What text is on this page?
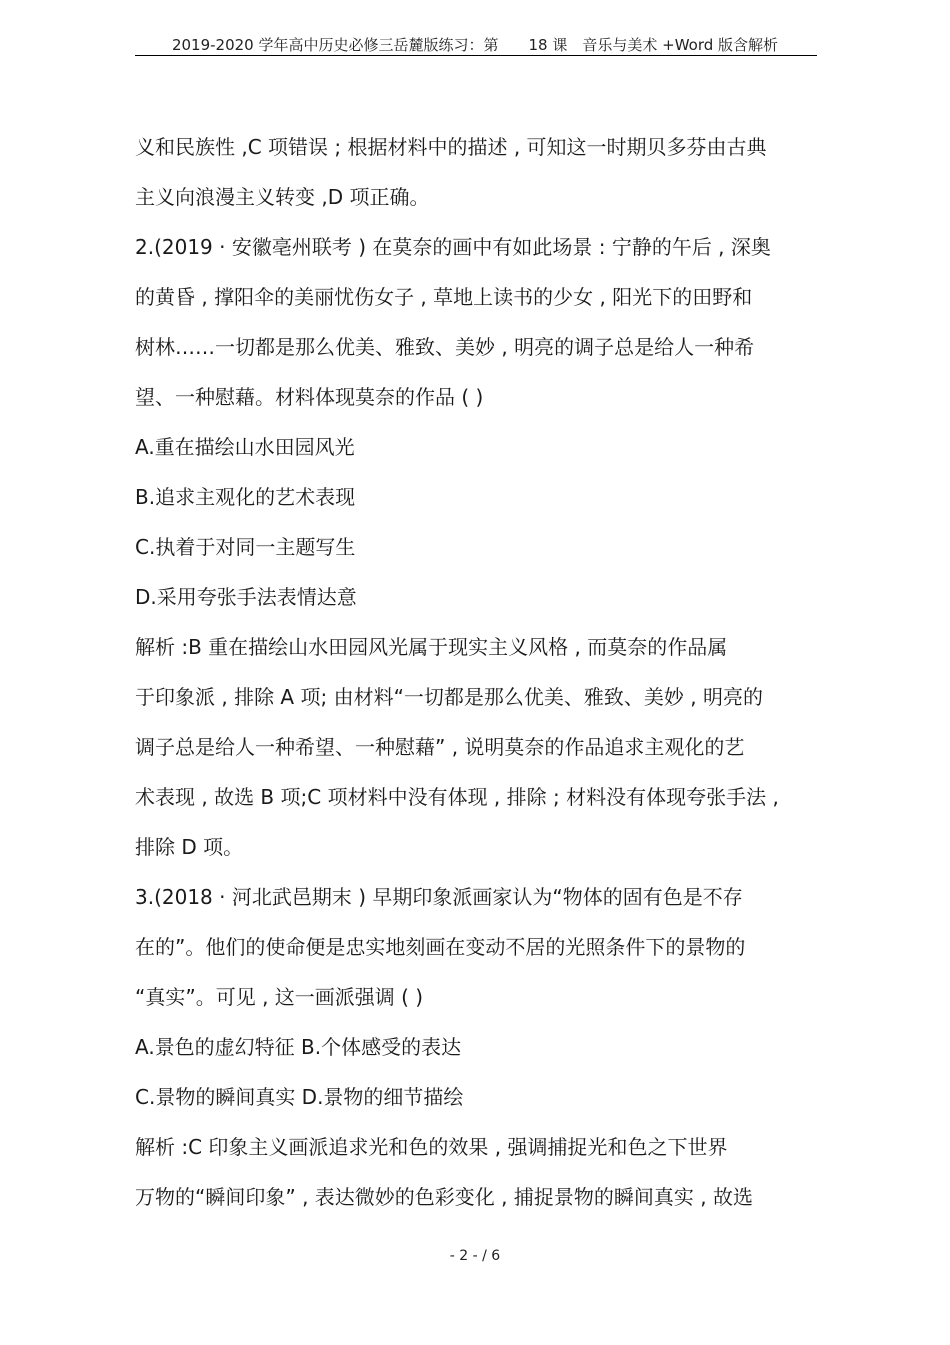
2019-2020 学年高中历史必修三岳麓版练习：第　　18 课　音乐与美术 +Word 版含解析
义和民族性 ,C 项错误 ; 根据材料中的描述 , 可知这一时期贝多芬由古典
主义向浪漫主义转变 ,D 项正确。
2.(2019 · 安徽亳州联考 ) 在莫奈的画中有如此场景 : 宁静的午后 , 深奥
的黄昏 , 撑阳伞的美丽忧伤女子 , 草地上读书的少女 , 阳光下的田野和
树林……一切都是那么优美、雅致、美妙 , 明亮的调子总是给人一种希
望、一种慰藉。材料体现莫奈的作品 ( )
A.重在描绘山水田园风光
B.追求主观化的艺术表现
C.执着于对同一主题写生
D.采用夸张手法表情达意
解析 :B 重在描绘山水田园风光属于现实主义风格 , 而莫奈的作品属
于印象派 , 排除 A 项; 由材料“一切都是那么优美、雅致、美妙 , 明亮的
调子总是给人一种希望、一种慰藉” , 说明莫奈的作品追求主观化的艺
术表现 , 故选 B 项;C 项材料中没有体现 , 排除 ; 材料没有体现夸张手法 ,
排除 D 项。
3.(2018 · 河北武邑期末 ) 早期印象派画家认为“物体的固有色是不存
在的”。他们的使命便是忠实地刻画在变动不居的光照条件下的景物的
“真实”。可见 , 这一画派强调 ( )
A.景色的虚幻特征 B.个体感受的表达
C.景物的瞬间真实 D.景物的细节描绘
解析 :C 印象主义画派追求光和色的效果 , 强调捕捉光和色之下世界
万物的“瞬间印象” , 表达微妙的色彩变化 , 捕捉景物的瞬间真实 , 故选
- 2 - / 6
